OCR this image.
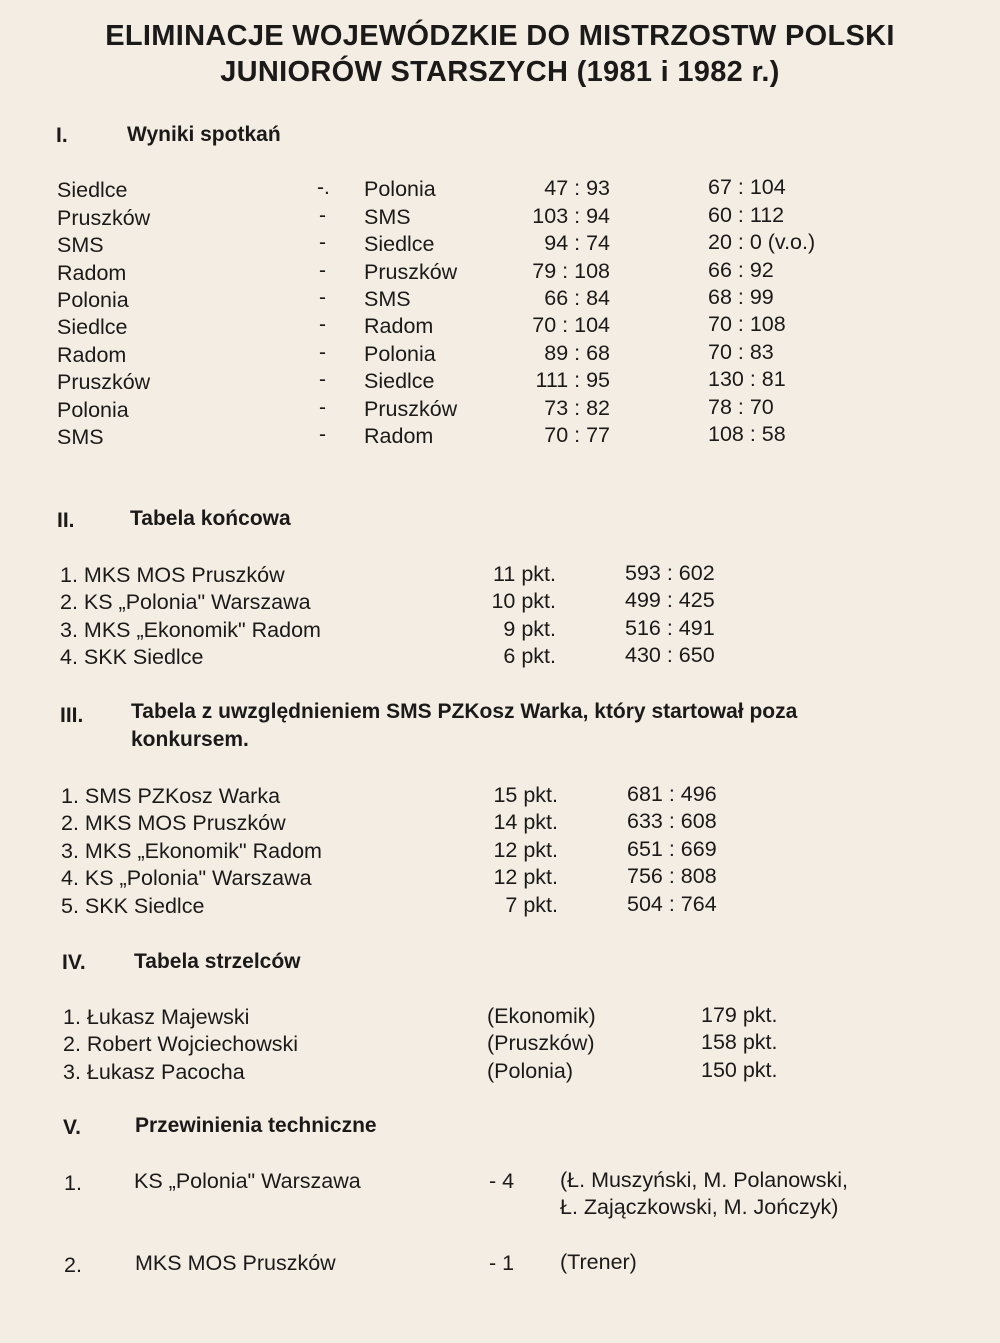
ELIMINACJE WOJEWÓDZKIE DO MISTRZOSTW POLSKI
JUNIORÓW STARSZYCH (1981 i 1982 r.)
I.	Wyniki spotkań
Siedlce	-. Polonia	47 : 93	67 : 104
Pruszków	- SMS	103 : 94	60 : 112
SMS	- Siedlce	94 : 74	20 : 0 (v.o.)
Radom	- Pruszków	79 : 108	66 : 92
Polonia	- SMS	66 : 84	68 : 99
Siedlce	- Radom	70 : 104	70 : 108
Radom	- Polonia	89 : 68	70 : 83
Pruszków	- Siedlce	111 : 95	130 : 81
Polonia	- Pruszków	73 : 82	78 : 70
SMS	- Radom	70 : 77	108 : 58
II.	Tabela końcowa
1. MKS MOS Pruszków	11 pkt.	593 : 602
2. KS „Polonia" Warszawa	10 pkt.	499 : 425
3. MKS „Ekonomik" Radom	9 pkt.	516 : 491
4. SKK Siedlce	6 pkt.	430 : 650
III. Tabela z uwzględnieniem SMS PZKosz Warka, który startował poza konkursem.
1. SMS PZKosz Warka	15 pkt.	681 : 496
2. MKS MOS Pruszków	14 pkt.	633 : 608
3. MKS „Ekonomik" Radom	12 pkt.	651 : 669
4. KS „Polonia" Warszawa	12 pkt.	756 : 808
5. SKK Siedlce	7 pkt.	504 : 764
IV. Tabela strzelców
1. Łukasz Majewski	(Ekonomik)	179 pkt.
2. Robert Wojciechowski	(Pruszków)	158 pkt.
3. Łukasz Pacocha	(Polonia)	150 pkt.
V.	Przewinienia techniczne
1. KS „Polonia" Warszawa	- 4 (Ł. Muszyński, M. Polanowski,
Ł. Zajączkowski, M. Jończyk)
2. MKS MOS Pruszków	- 1 (Trener)
